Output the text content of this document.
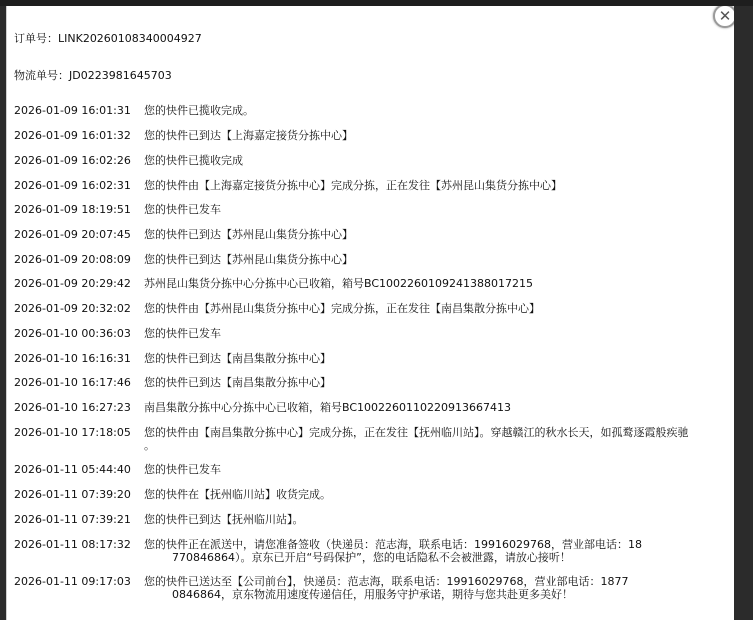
✕
订单号：LINK20260108340004927
物流单号：JD0223981645703
2026-01-09 16:01:31 您的快件已揽收完成。
2026-01-09 16:01:32 您的快件已到达【上海嘉定接货分拣中心】
2026-01-09 16:02:26 您的快件已揽收完成
2026-01-09 16:02:31 您的快件由【上海嘉定接货分拣中心】完成分拣，正在发往【苏州昆山集货分拣中心】
2026-01-09 18:19:51 您的快件已发车
2026-01-09 20:07:45 您的快件已到达【苏州昆山集货分拣中心】
2026-01-09 20:08:09 您的快件已到达【苏州昆山集货分拣中心】
2026-01-09 20:29:42 苏州昆山集货分拣中心分拣中心已收箱，箱号BC1002260109241388017215
2026-01-09 20:32:02 您的快件由【苏州昆山集货分拣中心】完成分拣，正在发往【南昌集散分拣中心】
2026-01-10 00:36:03 您的快件已发车
2026-01-10 16:16:31 您的快件已到达【南昌集散分拣中心】
2026-01-10 16:17:46 您的快件已到达【南昌集散分拣中心】
2026-01-10 16:27:23 南昌集散分拣中心分拣中心已收箱，箱号BC1002260110220913667413
2026-01-10 17:18:05 您的快件由【南昌集散分拣中心】完成分拣，正在发往【抚州临川站】。穿越赣江的秋水长天，如孤鹜逐霞般疾驰
。
2026-01-11 05:44:40 您的快件已发车
2026-01-11 07:39:20 您的快件在【抚州临川站】收货完成。
2026-01-11 07:39:21 您的快件已到达【抚州临川站】。
2026-01-11 08:17:32 您的快件正在派送中，请您准备签收（快递员：范志海，联系电话：19916029768，营业部电话：18
770846864）。京东已开启“号码保护”，您的电话隐私不会被泄露，请放心接听！
2026-01-11 09:17:03 您的快件已送达至【公司前台】，快递员：范志海，联系电话：19916029768，营业部电话：1877
0846864，京东物流用速度传递信任，用服务守护承诺，期待与您共赴更多美好！
